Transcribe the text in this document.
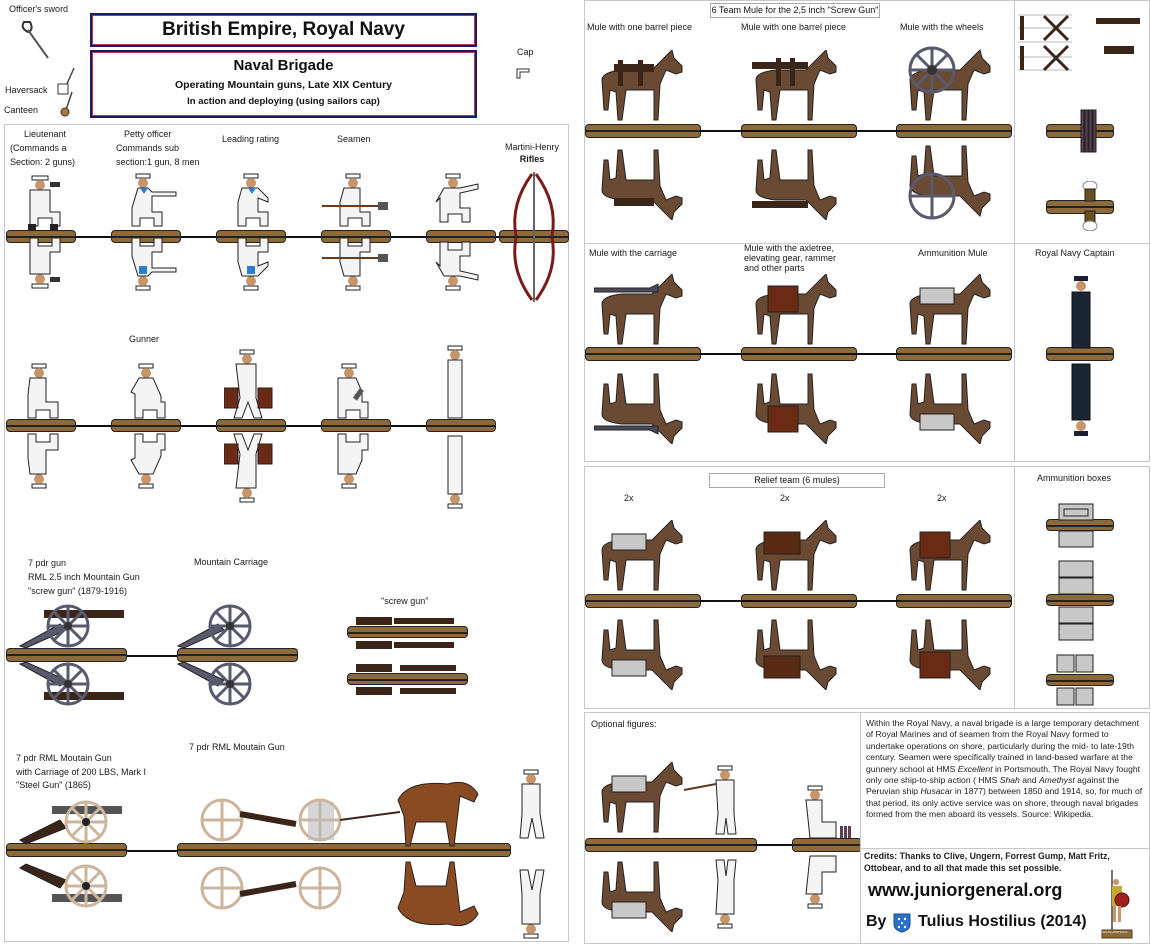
Officer's sword
Haversack
Canteen
Cap
British Empire, Royal Navy
Naval Brigade
Operating Mountain guns, Late XIX Century
In action and deploying (using sailors cap)
Lieutenant
(Commands a
Section: 2 guns)
Petty officer
Commands sub
section:1 gun, 8 men
Leading rating	Seamen
Martini-Henry
Rifles
Gunner
7 pdr gun
RML 2.5 inch Mountain Gun
"screw gun" (1879-1916)
Mountain Carriage
"screw gun"
7 pdr RML Moutain Gun
7 pdr RML Moutain Gun
with Carriage of 200 LBS, Mark I
"Steel Gun" (1865)
6 Team Mule for the 2,5 inch "Screw Gun"
Mule with one barrel piece	Mule with one barrel piece	Mule with the wheels
Mule with the carriage	Mule with the axletree, elevating gear, rammer and other parts
Ammunition Mule	Royal Navy Captain
Relief team (6 mules)
2x	2x	2x
Ammunition boxes
Optional figures:	Within the Royal Navy, a naval brigade is a large temporary detachment of Royal Marines and of seamen from the Royal Navy formed to undertake operations on shore, particularly during the mid- to late-19th century. Seamen were specifically trained in land-based warfare at the gunnery school at HMS Excellent in Portsmouth. The Royal Navy fought only one ship-to-ship action ( HMS Shah and Amethyst against the Peruvian ship Husacar in 1877) between 1850 and 1914, so, for much of that period, its only active service was on shore, through naval brigades formed from the men aboard its vessels. Source: Wikipedia.
Credits: Thanks to Clive, Ungern, Forrest Gump, Matt Fritz, Ottobear, and to all that made this set possible.
www.juniorgeneral.org
By Tulius Hostilius (2014)
TULIUS HOSTILIUS
